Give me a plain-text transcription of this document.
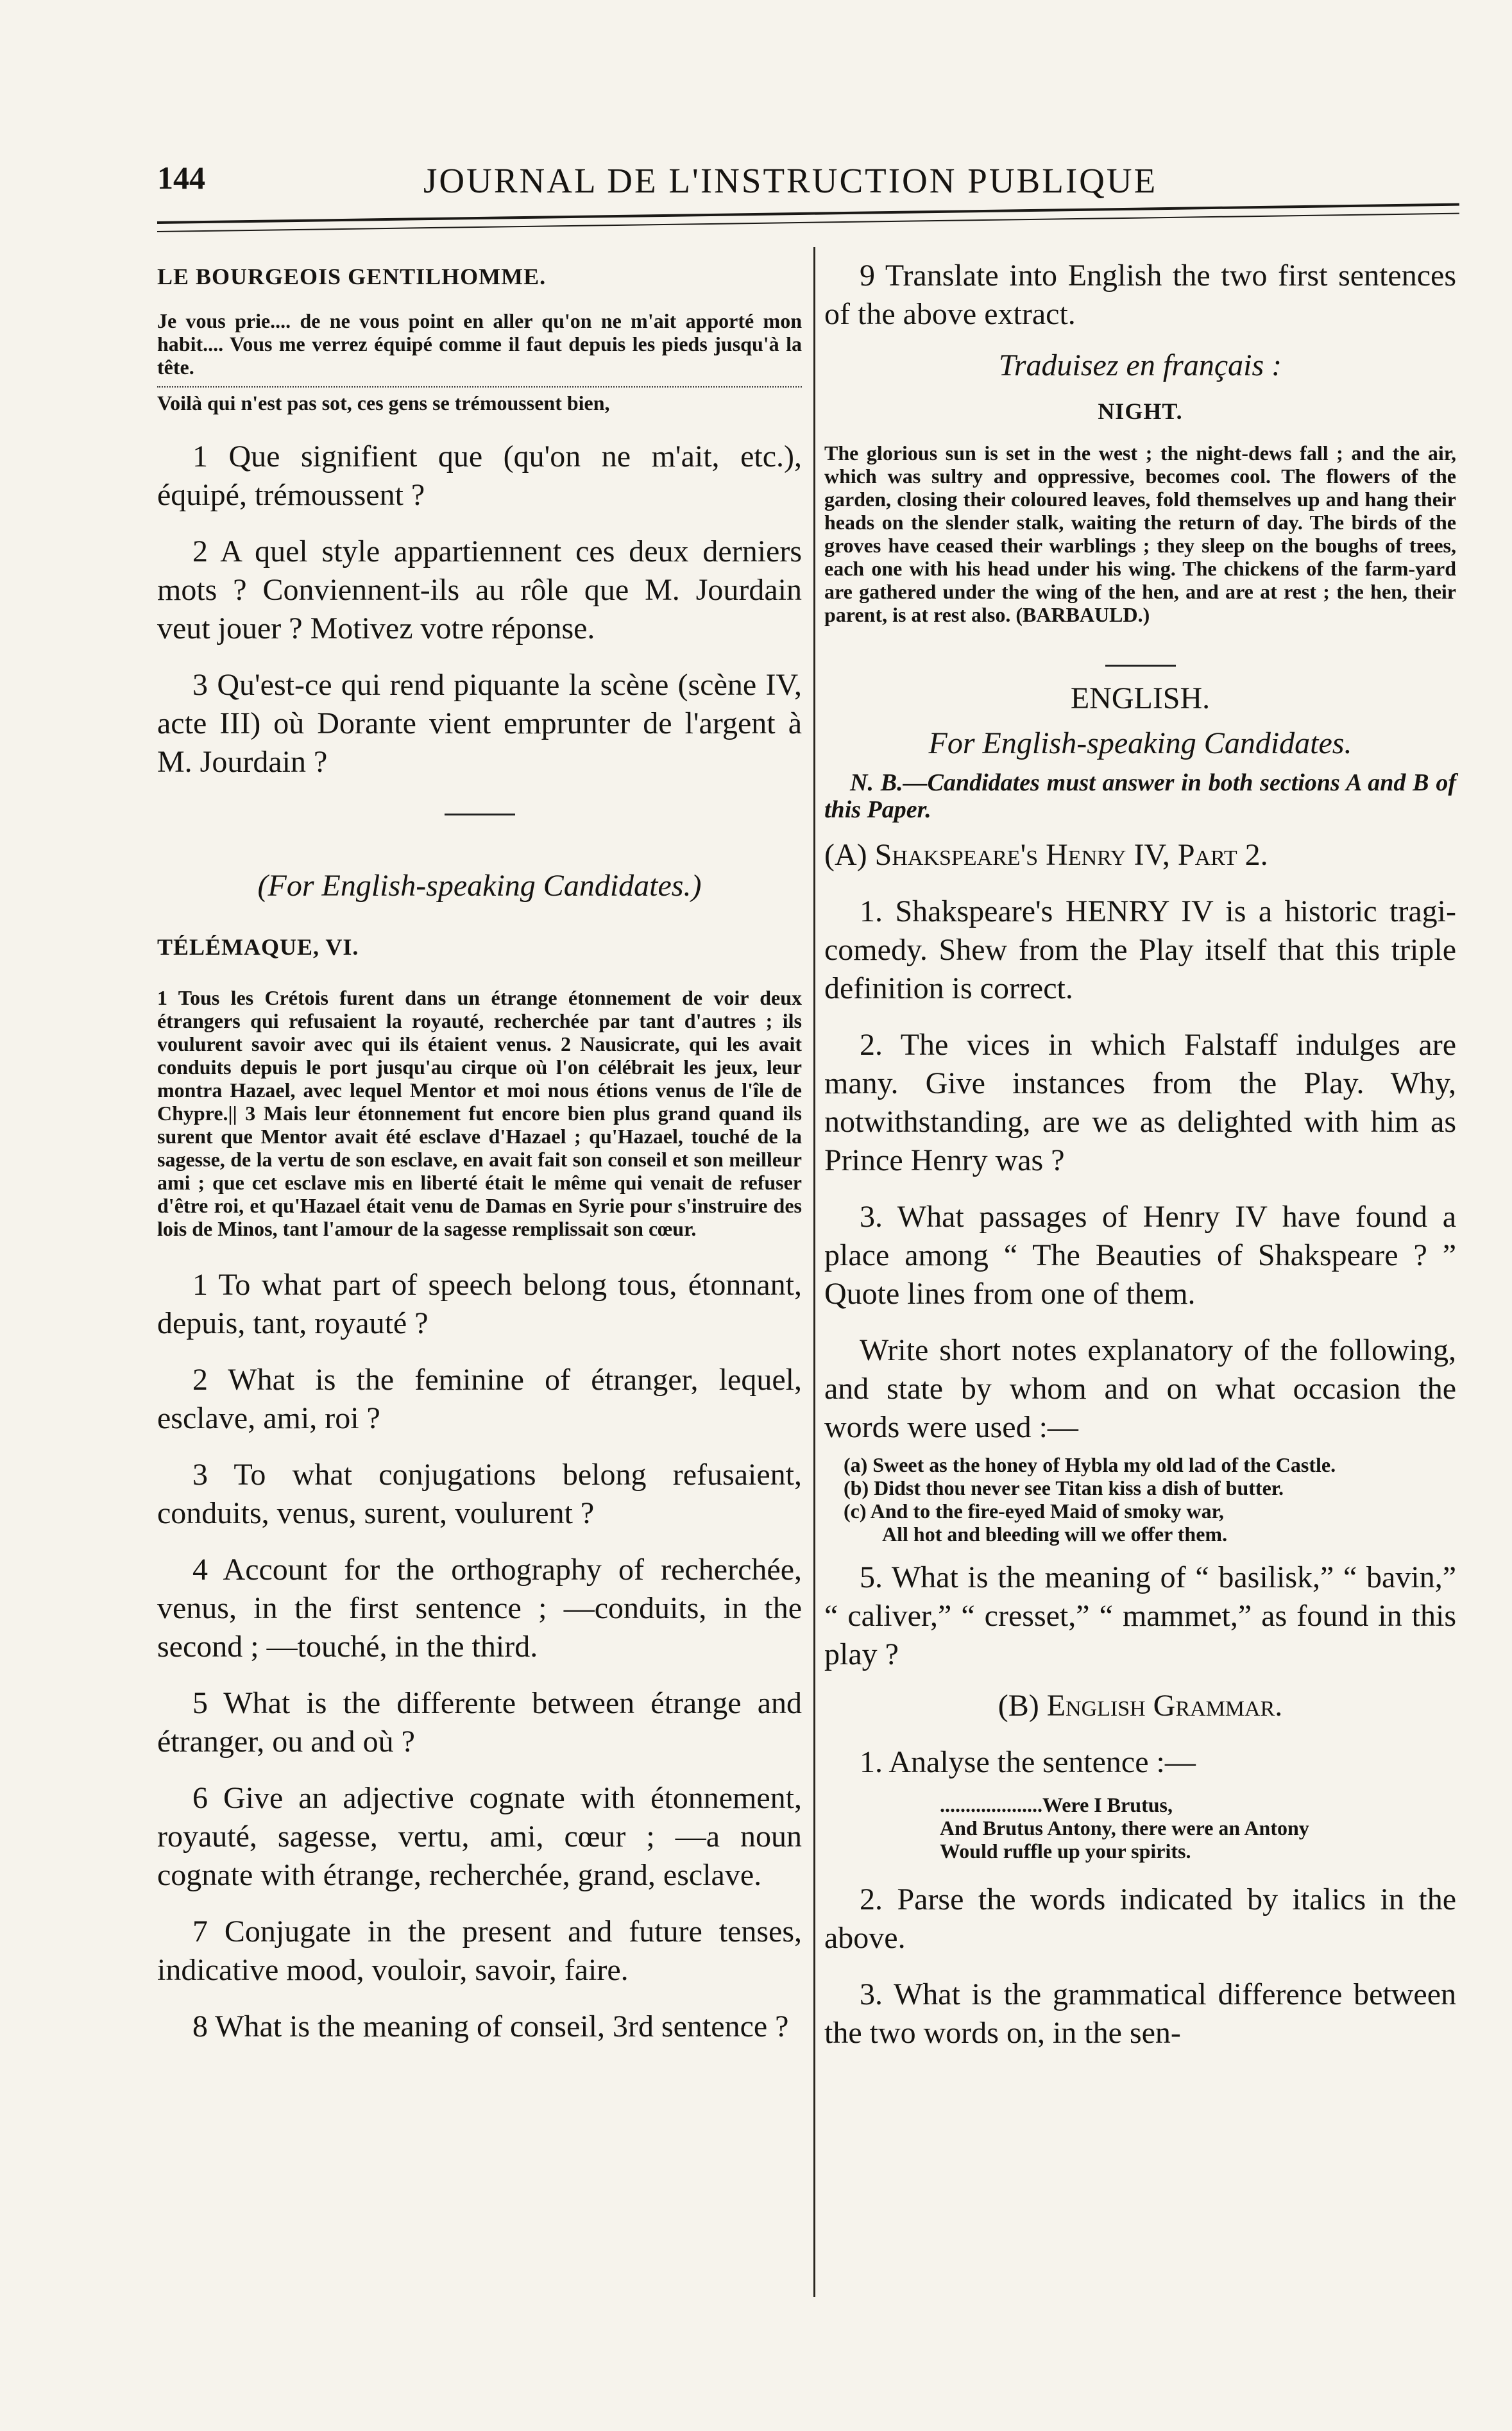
144	JOURNAL DE L'INSTRUCTION PUBLIQUE
LE BOURGEOIS GENTILHOMME.
Je vous prie.... de ne vous point en aller qu'on ne m'ait apporté mon habit.... Vous me verrez équipé comme il faut depuis les pieds jusqu'à la tête.
Voilà qui n'est pas sot, ces gens se trémoussent bien,

1 Que signifient que (qu'on ne m'ait, etc.), équipé, trémoussent ?

2 A quel style appartiennent ces deux derniers mots ? Conviennent-ils au rôle que M. Jourdain veut jouer ? Motivez votre réponse.

3 Qu'est-ce qui rend piquante la scène (scène IV, acte III) où Dorante vient emprunter de l'argent à M. Jourdain ?

(For English-speaking Candidates.)

TÉLÉMAQUE, VI.
1 Tous les Crétois furent dans un étrange étonnement de voir deux étrangers qui refusaient la royauté, recherchée par tant d'autres ; ils voulurent savoir avec qui ils étaient venus. 2 Nausicrate, qui les avait conduits depuis le port jusqu'au cirque où l'on célébrait les jeux, leur montra Hazael, avec lequel Mentor et moi nous étions venus de l'île de Chypre.|| 3 Mais leur étonnement fut encore bien plus grand quand ils surent que Mentor avait été esclave d'Hazael ; qu'Hazael, touché de la sagesse, de la vertu de son esclave, en avait fait son conseil et son meilleur ami ; que cet esclave mis en liberté était le même qui venait de refuser d'être roi, et qu'Hazael était venu de Damas en Syrie pour s'instruire des lois de Minos, tant l'amour de la sagesse remplissait son cœur.

1 To what part of speech belong tous, étonnant, depuis, tant, royauté ?

2 What is the feminine of étranger, lequel, esclave, ami, roi ?

3 To what conjugations belong refusaient, conduits, venus, surent, voulurent ?

4 Account for the orthography of recherchée, venus, in the first sentence ; —conduits, in the second ; —touché, in the third.

5 What is the differente between étrange and étranger, ou and où ?

6 Give an adjective cognate with étonnement, royauté, sagesse, vertu, ami, cœur ; —a noun cognate with étrange, recherchée, grand, esclave.

7 Conjugate in the present and future tenses, indicative mood, vouloir, savoir, faire.

8 What is the meaning of conseil, 3rd sentence ?

9 Translate into English the two first sentences of the above extract.

Traduisez en français :

NIGHT.
The glorious sun is set in the west ; the night-dews fall ; and the air, which was sultry and oppressive, becomes cool. The flowers of the garden, closing their coloured leaves, fold themselves up and hang their heads on the slender stalk, waiting the return of day. The birds of the groves have ceased their warblings ; they sleep on the boughs of trees, each one with his head under his wing. The chickens of the farm-yard are gathered under the wing of the hen, and are at rest ; the hen, their parent, is at rest also. (BARBAULD.)

ENGLISH.

For English-speaking Candidates.

N. B.—Candidates must answer in both sections A and B of this Paper.

(A) Shakspeare's Henry IV, Part 2.

1. Shakspeare's HENRY IV is a historic tragi-comedy. Shew from the Play itself that this triple definition is correct.

2. The vices in which Falstaff indulges are many. Give instances from the Play. Why, notwithstanding, are we as delighted with him as Prince Henry was ?

3. What passages of Henry IV have found a place among “ The Beauties of Shakspeare ? ” Quote lines from one of them.

Write short notes explanatory of the following, and state by whom and on what occasion the words were used :—

(a) Sweet as the honey of Hybla my old lad of the Castle.
(b) Didst thou never see Titan kiss a dish of butter.
(c) And to the fire-eyed Maid of smoky war,
All hot and bleeding will we offer them.

5. What is the meaning of “ basilisk,” “ bavin,” “ caliver,” “ cresset,” “ mammet,” as found in this play ?

(B) English Grammar.

1. Analyse the sentence :—

....................Were I Brutus,
And Brutus Antony, there were an Antony
Would ruffle up your spirits.

2. Parse the words indicated by italics in the above.

3. What is the grammatical difference between the two words on, in the sen-
